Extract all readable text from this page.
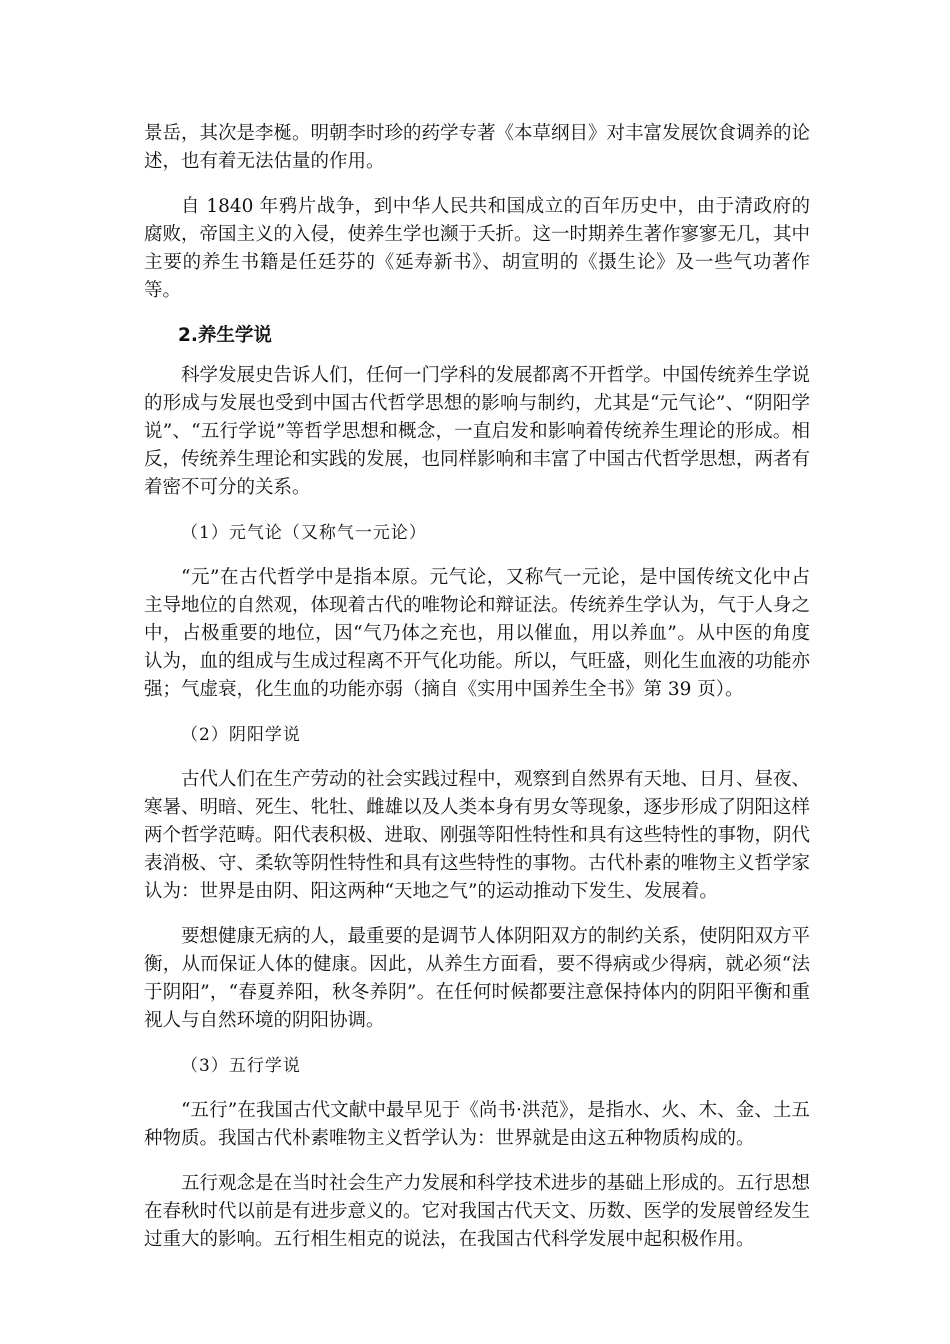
景岳，其次是李梴。明朝李时珍的药学专著《本草纲目》对丰富发展饮食调养的论述，也有着无法估量的作用。

自 1840 年鸦片战争，到中华人民共和国成立的百年历史中，由于清政府的腐败，帝国主义的入侵，使养生学也濒于夭折。这一时期养生著作寥寥无几，其中主要的养生书籍是任廷芬的《延寿新书》、胡宣明的《摄生论》及一些气功著作等。

2.养生学说

科学发展史告诉人们，任何一门学科的发展都离不开哲学。中国传统养生学说的形成与发展也受到中国古代哲学思想的影响与制约，尤其是“元气论”、“阴阳学说”、“五行学说”等哲学思想和概念，一直启发和影响着传统养生理论的形成。相反，传统养生理论和实践的发展，也同样影响和丰富了中国古代哲学思想，两者有着密不可分的关系。

（1）元气论（又称气一元论）

“元”在古代哲学中是指本原。元气论，又称气一元论，是中国传统文化中占主导地位的自然观，体现着古代的唯物论和辩证法。传统养生学认为，气于人身之中，占极重要的地位，因“气乃体之充也，用以催血，用以养血”。从中医的角度认为，血的组成与生成过程离不开气化功能。所以，气旺盛，则化生血液的功能亦强；气虚衰，化生血的功能亦弱（摘自《实用中国养生全书》第 39 页）。

（2）阴阳学说

古代人们在生产劳动的社会实践过程中，观察到自然界有天地、日月、昼夜、寒暑、明暗、死生、牝牡、雌雄以及人类本身有男女等现象，逐步形成了阴阳这样两个哲学范畴。阳代表积极、进取、刚强等阳性特性和具有这些特性的事物，阴代表消极、守、柔软等阴性特性和具有这些特性的事物。古代朴素的唯物主义哲学家认为：世界是由阴、阳这两种“天地之气”的运动推动下发生、发展着。

要想健康无病的人，最重要的是调节人体阴阳双方的制约关系，使阴阳双方平衡，从而保证人体的健康。因此，从养生方面看，要不得病或少得病，就必须“法于阴阳”，“春夏养阳，秋冬养阴”。在任何时候都要注意保持体内的阴阳平衡和重视人与自然环境的阴阳协调。

（3）五行学说

“五行”在我国古代文献中最早见于《尚书·洪范》，是指水、火、木、金、土五种物质。我国古代朴素唯物主义哲学认为：世界就是由这五种物质构成的。

五行观念是在当时社会生产力发展和科学技术进步的基础上形成的。五行思想在春秋时代以前是有进步意义的。它对我国古代天文、历数、医学的发展曾经发生过重大的影响。五行相生相克的说法，在我国古代科学发展中起积极作用。
